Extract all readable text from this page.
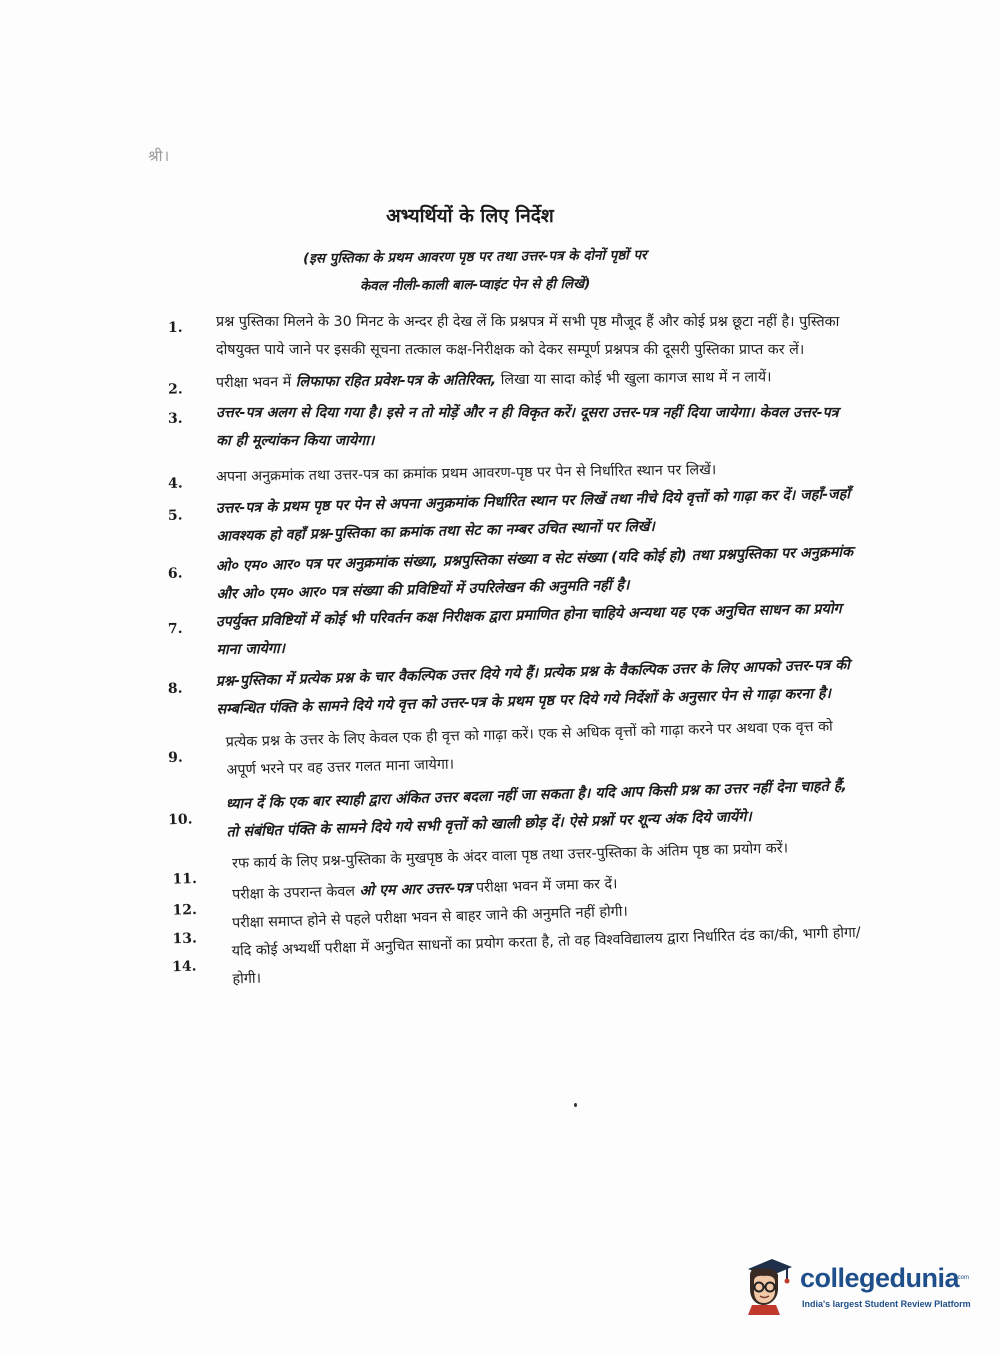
श्री।
अभ्यर्थियों के लिए निर्देश
(इस पुस्तिका के प्रथम आवरण पृष्ठ पर तथा उत्तर-पत्र के दोनों पृष्ठों पर
केवल नीली-काली बाल-प्वाइंट पेन से ही लिखें)
1. प्रश्न पुस्तिका मिलने के 30 मिनट के अन्दर ही देख लें कि प्रश्नपत्र में सभी पृष्ठ मौजूद हैं और कोई प्रश्न छूटा नहीं है। पुस्तिका दोषयुक्त पाये जाने पर इसकी सूचना तत्काल कक्ष-निरीक्षक को देकर सम्पूर्ण प्रश्नपत्र की दूसरी पुस्तिका प्राप्त कर लें।
2. परीक्षा भवन में लिफाफा रहित प्रवेश-पत्र के अतिरिक्त, लिखा या सादा कोई भी खुला कागज साथ में न लायें।
3. उत्तर-पत्र अलग से दिया गया है। इसे न तो मोड़ें और न ही विकृत करें। दूसरा उत्तर-पत्र नहीं दिया जायेगा। केवल उत्तर-पत्र का ही मूल्यांकन किया जायेगा।
4. अपना अनुक्रमांक तथा उत्तर-पत्र का क्रमांक प्रथम आवरण-पृष्ठ पर पेन से निर्धारित स्थान पर लिखें।
5. उत्तर-पत्र के प्रथम पृष्ठ पर पेन से अपना अनुक्रमांक निर्धारित स्थान पर लिखें तथा नीचे दिये वृत्तों को गाढ़ा कर दें। जहाँ-जहाँ आवश्यक हो वहाँ प्रश्न-पुस्तिका का क्रमांक तथा सेट का नम्बर उचित स्थानों पर लिखें।
6. ओ० एम० आर० पत्र पर अनुक्रमांक संख्या, प्रश्नपुस्तिका संख्या व सेट संख्या (यदि कोई हो) तथा प्रश्नपुस्तिका पर अनुक्रमांक और ओ० एम० आर० पत्र संख्या की प्रविष्टियों में उपरिलेखन की अनुमति नहीं है।
7. उपर्युक्त प्रविष्टियों में कोई भी परिवर्तन कक्ष निरीक्षक द्वारा प्रमाणित होना चाहिये अन्यथा यह एक अनुचित साधन का प्रयोग माना जायेगा।
8. प्रश्न-पुस्तिका में प्रत्येक प्रश्न के चार वैकल्पिक उत्तर दिये गये हैं। प्रत्येक प्रश्न के वैकल्पिक उत्तर के लिए आपको उत्तर-पत्र की सम्बन्धित पंक्ति के सामने दिये गये वृत्त को उत्तर-पत्र के प्रथम पृष्ठ पर दिये गये निर्देशों के अनुसार पेन से गाढ़ा करना है।
9.
प्रत्येक प्रश्न के उत्तर के लिए केवल एक ही वृत्त को गाढ़ा करें। एक से अधिक वृत्तों को गाढ़ा करने पर अथवा एक वृत्त को अपूर्ण भरने पर वह उत्तर गलत माना जायेगा।
10.
ध्यान दें कि एक बार स्याही द्वारा अंकित उत्तर बदला नहीं जा सकता है। यदि आप किसी प्रश्न का उत्तर नहीं देना चाहते हैं, तो संबंधित पंक्ति के सामने दिये गये सभी वृत्तों को खाली छोड़ दें। ऐसे प्रश्नों पर शून्य अंक दिये जायेंगे।
11.
रफ कार्य के लिए प्रश्न-पुस्तिका के मुखपृष्ठ के अंदर वाला पृष्ठ तथा उत्तर-पुस्तिका के अंतिम पृष्ठ का प्रयोग करें।
12.
परीक्षा के उपरान्त केवल ओ एम आर उत्तर-पत्र परीक्षा भवन में जमा कर दें।
13.
परीक्षा समाप्त होने से पहले परीक्षा भवन से बाहर जाने की अनुमति नहीं होगी।
14.
यदि कोई अभ्यर्थी परीक्षा में अनुचित साधनों का प्रयोग करता है, तो वह विश्वविद्यालय द्वारा निर्धारित दंड का/की, भागी होगा/होगी।
collegedunia
.com
India's largest Student Review Platform
